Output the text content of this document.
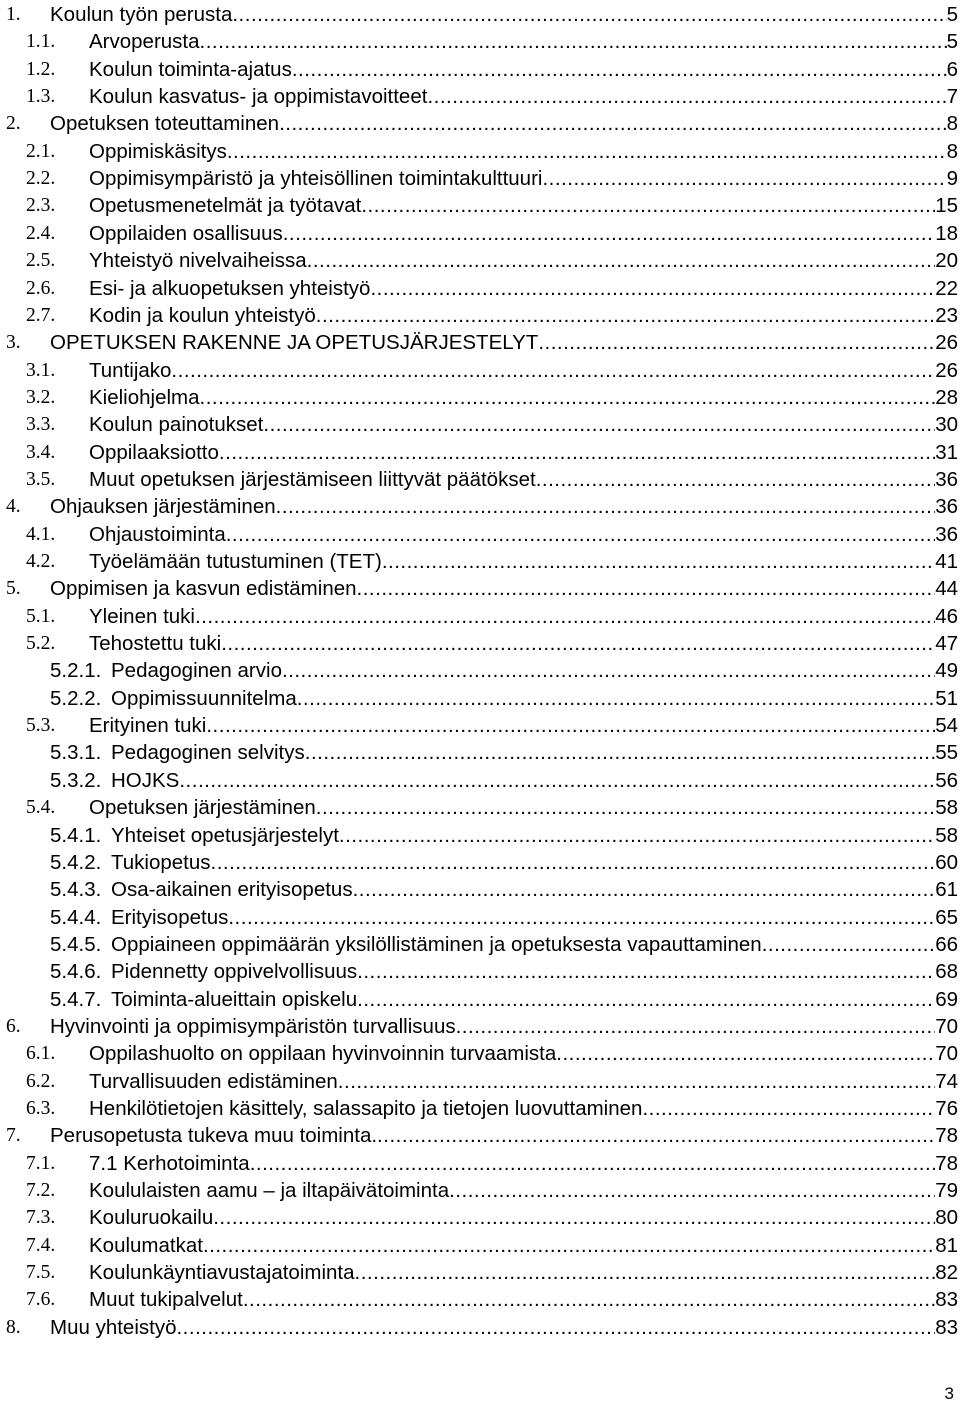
1. Koulun työn perusta .....	5
1.1. Arvoperusta .....	5
1.2. Koulun toiminta-ajatus .....	6
1.3. Koulun kasvatus- ja oppimistavoitteet .....	7
2. Opetuksen toteuttaminen .....	8
2.1. Oppimiskäsitys .....	8
2.2. Oppimisympäristö ja yhteisöllinen toimintakulttuuri .....	9
2.3. Opetusmenetelmät ja työtavat .....	15
2.4. Oppilaiden osallisuus .....	18
2.5. Yhteistyö nivelvaiheissa .....	20
2.6. Esi- ja alkuopetuksen yhteistyö .....	22
2.7. Kodin ja koulun yhteistyö .....	23
3. OPETUKSEN RAKENNE JA OPETUSJÄRJESTELYT .....	26
3.1. Tuntijako .....	26
3.2. Kieliohjelma .....	28
3.3. Koulun painotukset .....	30
3.4. Oppilaaksiotto .....	31
3.5. Muut opetuksen järjestämiseen liittyvät päätökset .....	36
4. Ohjauksen järjestäminen .....	36
4.1. Ohjaustoiminta .....	36
4.2. Työelämään tutustuminen (TET) .....	41
5. Oppimisen ja kasvun edistäminen .....	44
5.1. Yleinen tuki .....	46
5.2. Tehostettu tuki .....	47
5.2.1. Pedagoginen arvio .....	49
5.2.2. Oppimissuunnitelma .....	51
5.3. Erityinen tuki .....	54
5.3.1. Pedagoginen selvitys .....	55
5.3.2. HOJKS .....	56
5.4. Opetuksen järjestäminen .....	58
5.4.1. Yhteiset opetusjärjestelyt .....	58
5.4.2. Tukiopetus .....	60
5.4.3. Osa-aikainen erityisopetus .....	61
5.4.4. Erityisopetus .....	65
5.4.5. Oppiaineen oppimäärän yksilöllistäminen ja opetuksesta vapauttaminen .....	66
5.4.6. Pidennetty oppivelvollisuus .....	68
5.4.7. Toiminta-alueittain opiskelu .....	69
6. Hyvinvointi ja oppimisympäristön turvallisuus .....	70
6.1. Oppilashuolto on oppilaan hyvinvoinnin turvaamista .....	70
6.2. Turvallisuuden edistäminen .....	74
6.3. Henkilötietojen käsittely, salassapito ja tietojen luovuttaminen .....	76
7. Perusopetusta tukeva muu toiminta. .....	78
7.1. 7.1 Kerhotoiminta .....	78
7.2. Koululaisten aamu – ja iltapäivätoiminta .....	79
7.3. Kouluruokailu .....	80
7.4. Koulumatkat .....	81
7.5. Koulunkäyntiavustajatoiminta .....	82
7.6. Muut tukipalvelut .....	83
8. Muu yhteistyö .....	83
3
